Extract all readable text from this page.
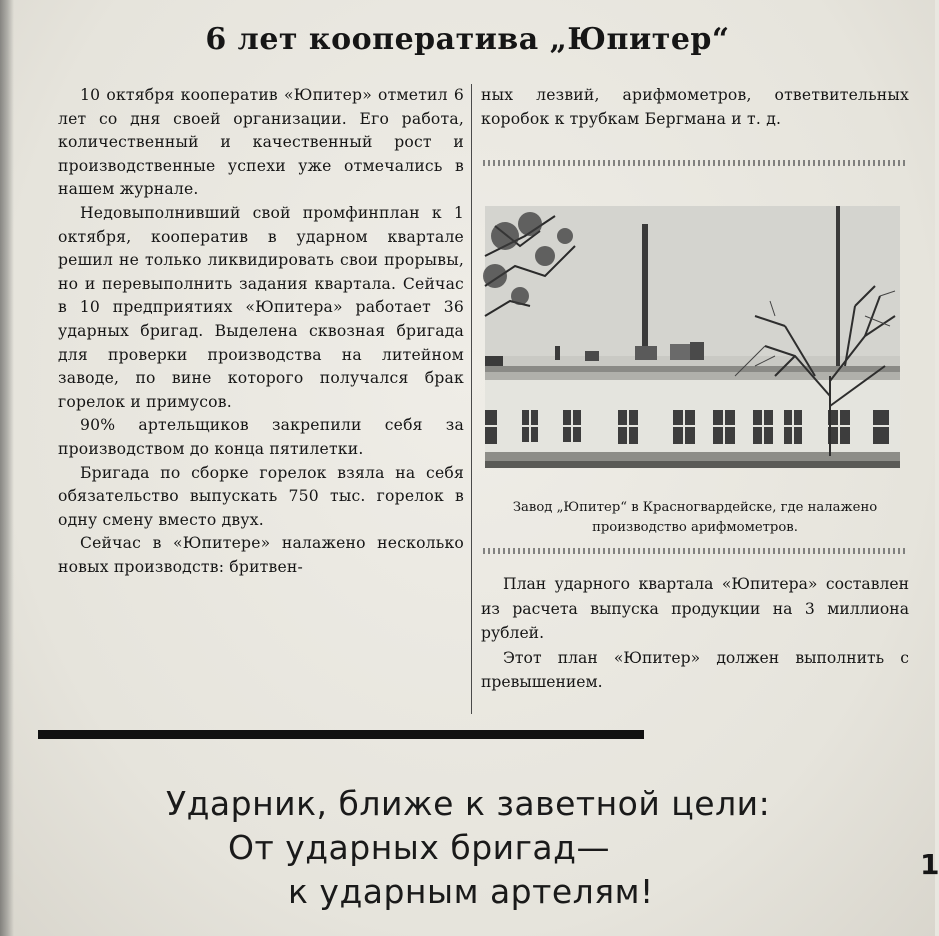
6 лет кооператива „Юпитер“

10 октября кооператив «Юпитер» отметил 6 лет со дня своей организации. Его работа, количественный и качественный рост и производственные успехи уже отмечались в нашем журнале.

Недовыполнивший свой промфинплан к 1 октября, кооператив в ударном квартале решил не только ликвидировать свои прорывы, но и перевыполнить задания квартала. Сейчас в 10 предприятиях «Юпитера» работает 36 ударных бригад. Выделена сквозная бригада для проверки производства на литейном заводе, по вине которого получался брак горелок и примусов.

90% артельщиков закрепили себя за производством до конца пятилетки.

Бригада по сборке горелок взяла на себя обязательство выпускать 750 тыс. горелок в одну смену вместо двух.

Сейчас в «Юпитере» налажено несколько новых производств: бритвен-

ных лезвий, арифмометров, ответвительных коробок к трубкам Бергмана и т. д.

Завод „Юпитер“ в Красногвардейске, где налажено производство арифмометров.

План ударного квартала «Юпитера» составлен из расчета выпуска продукции на 3 миллиона рублей.

Этот план «Юпитер» должен выполнить с превышением.

Ударник, ближе к заветной цели:
От ударных бригад—
к ударным артелям!
1
